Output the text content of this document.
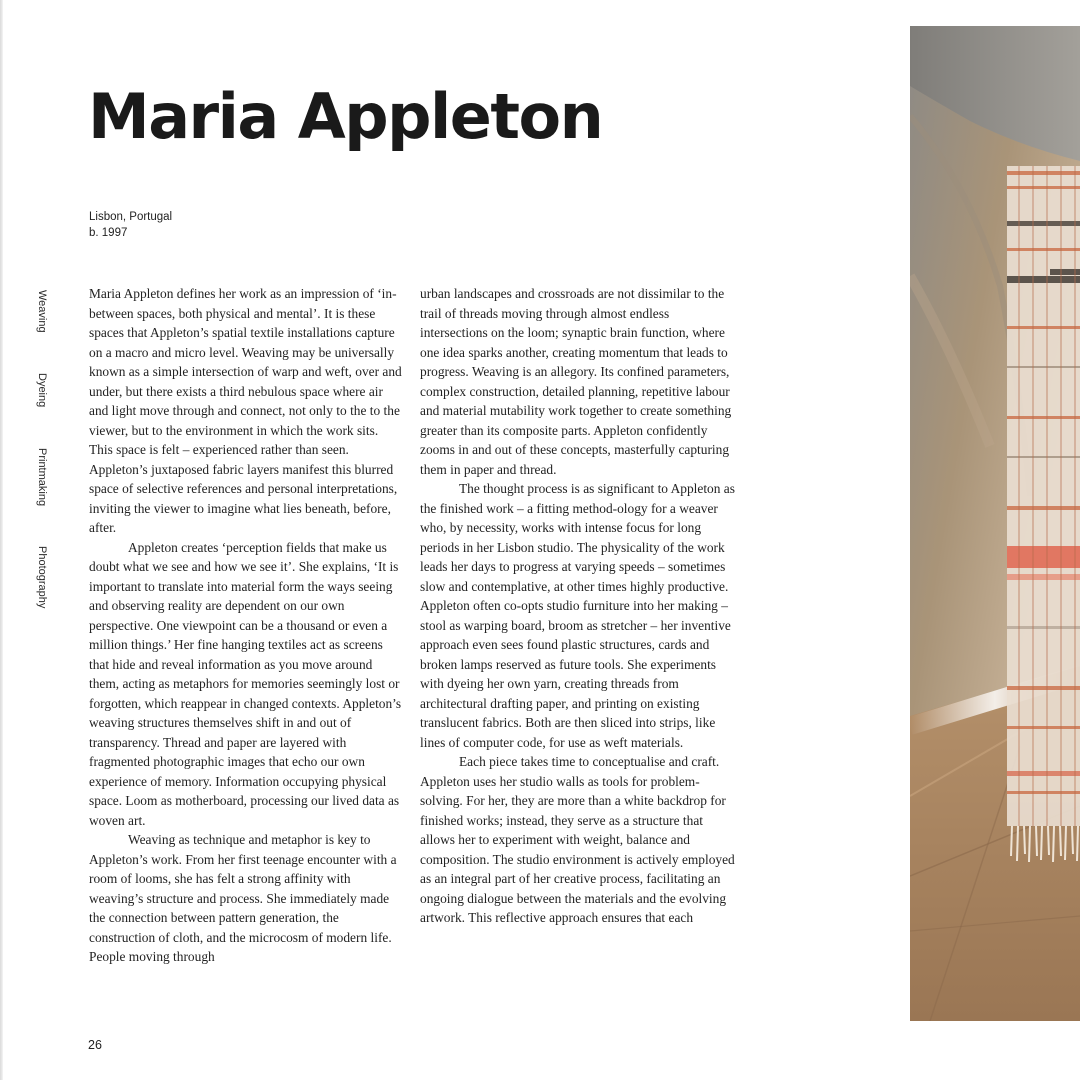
Maria Appleton
Lisbon, Portugal
b. 1997
Weaving
Dyeing
Printmaking
Photography

Maria Appleton defines her work as an impression of ‘in-between spaces, both physical and mental’. It is these spaces that Appleton’s spatial textile installations capture on a macro and micro level. Weaving may be universally known as a simple intersection of warp and weft, over and under, but there exists a third nebulous space where air and light move through and connect, not only to the to the viewer, but to the environment in which the work sits. This space is felt – experienced rather than seen. Appleton’s juxtaposed fabric layers manifest this blurred space of selective references and personal interpretations, inviting the viewer to imagine what lies beneath, before, after.

Appleton creates ‘perception fields that make us doubt what we see and how we see it’. She explains, ‘It is important to translate into material form the ways seeing and observing reality are dependent on our own perspective. One viewpoint can be a thousand or even a million things.’ Her fine hanging textiles act as screens that hide and reveal information as you move around them, acting as metaphors for memories seemingly lost or forgotten, which reappear in changed contexts. Appleton’s weaving structures themselves shift in and out of transparency. Thread and paper are layered with fragmented photographic images that echo our own experience of memory. Information occupying physical space. Loom as motherboard, processing our lived data as woven art.

Weaving as technique and metaphor is key to Appleton’s work. From her first teenage encounter with a room of looms, she has felt a strong affinity with weaving’s structure and process. She immediately made the connection between pattern generation, the construction of cloth, and the microcosm of modern life. People moving through

urban landscapes and crossroads are not dissimilar to the trail of threads moving through almost endless intersections on the loom; synaptic brain function, where one idea sparks another, creating momentum that leads to progress. Weaving is an allegory. Its confined parameters, complex construction, detailed planning, repetitive labour and material mutability work together to create something greater than its composite parts. Appleton confidently zooms in and out of these concepts, masterfully capturing them in paper and thread.

The thought process is as significant to Appleton as the finished work – a fitting method-ology for a weaver who, by necessity, works with intense focus for long periods in her Lisbon studio. The physicality of the work leads her days to progress at varying speeds – sometimes slow and contemplative, at other times highly productive. Appleton often co-opts studio furniture into her making – stool as warping board, broom as stretcher – her inventive approach even sees found plastic structures, cards and broken lamps reserved as future tools. She experiments with dyeing her own yarn, creating threads from architectural drafting paper, and printing on existing translucent fabrics. Both are then sliced into strips, like lines of computer code, for use as weft materials.

Each piece takes time to conceptualise and craft. Appleton uses her studio walls as tools for problem-solving. For her, they are more than a white backdrop for finished works; instead, they serve as a structure that allows her to experiment with weight, balance and composition. The studio environment is actively employed as an integral part of her creative process, facilitating an ongoing dialogue between the materials and the evolving artwork. This reflective approach ensures that each

26
